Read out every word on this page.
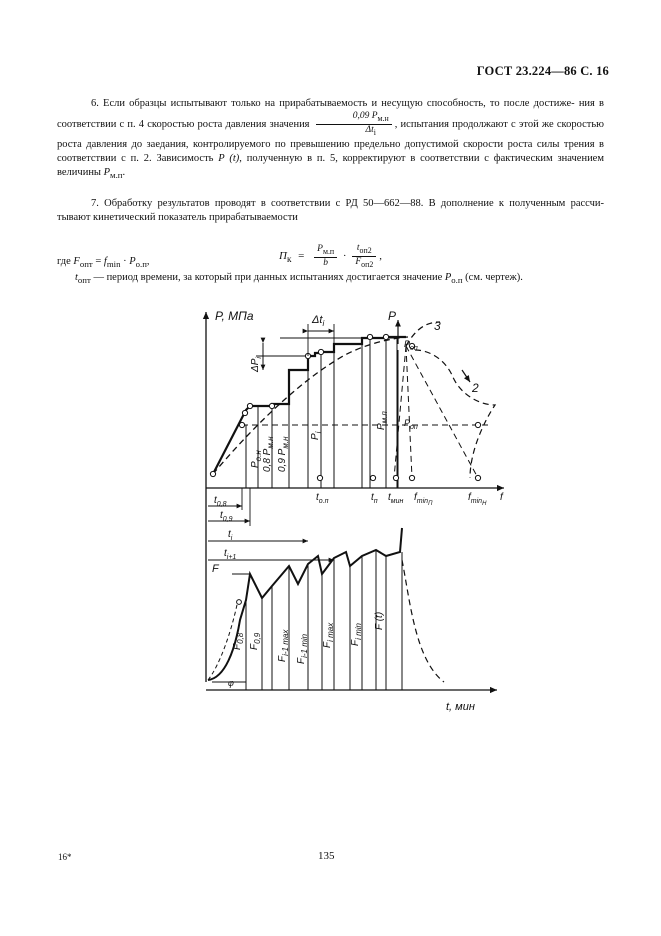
ГОСТ 23.224—86 С. 16
6. Если образцы испытывают только на прирабатываемость и несущую способность, то после достиже- ния в соответствии с п. 4 скоростью роста давления значения $\frac{0,09 P_{м.н}}{\Delta t_i}$ , испытания продолжают с этой же скоростью роста давления до заедания, контролируемого по превышению предельно допустимой скорости роста силы трения в соответствии с п. 2. Зависимость P (t), полученную в п. 5, корректируют в соответствии с фактическим значением величины $P_{м.п}$.
7. Обработку результатов проводят в соответствии с РД 50—662—88. В дополнение к полученным рассчи- тывают кинетический показатель прирабатываемости
$П_к = \frac{P_{м.п}}{b} \cdot \frac{t_{оп2}}{F_{оп2}}$ ,
где $F_{опт} = f_{min} \cdot P_{о.п}$,
$t_{опт}$ — период времени, за который при данных испытаниях достигается значение $P_{о.п}$ (см. чертеж).
P, МПа	P
3
2
$\Delta t_i$
$\Delta P_i$
$P_{оп}$
$P_{оп}$
$P_{о.н}$ 0,8 $P_{м.н}$
0,9 $P_{м.н}$ $P_i$
$P_{м.п}$
f
$t_{о.п}$	$t_п$ $t_{мин}$ $f_{minП}$
$f_{minН}$
$t_{0,8}$
$t_{0,9}$
$t_i$
$t_{i+1}$
F
φ
$F_{0,8}$
$F_{0,9}$
$F_{i-1 max}$
$F_{i-1 min}$ $F_{i max}$
$F_{i min}$
F (t)
t, мин
16*	135
